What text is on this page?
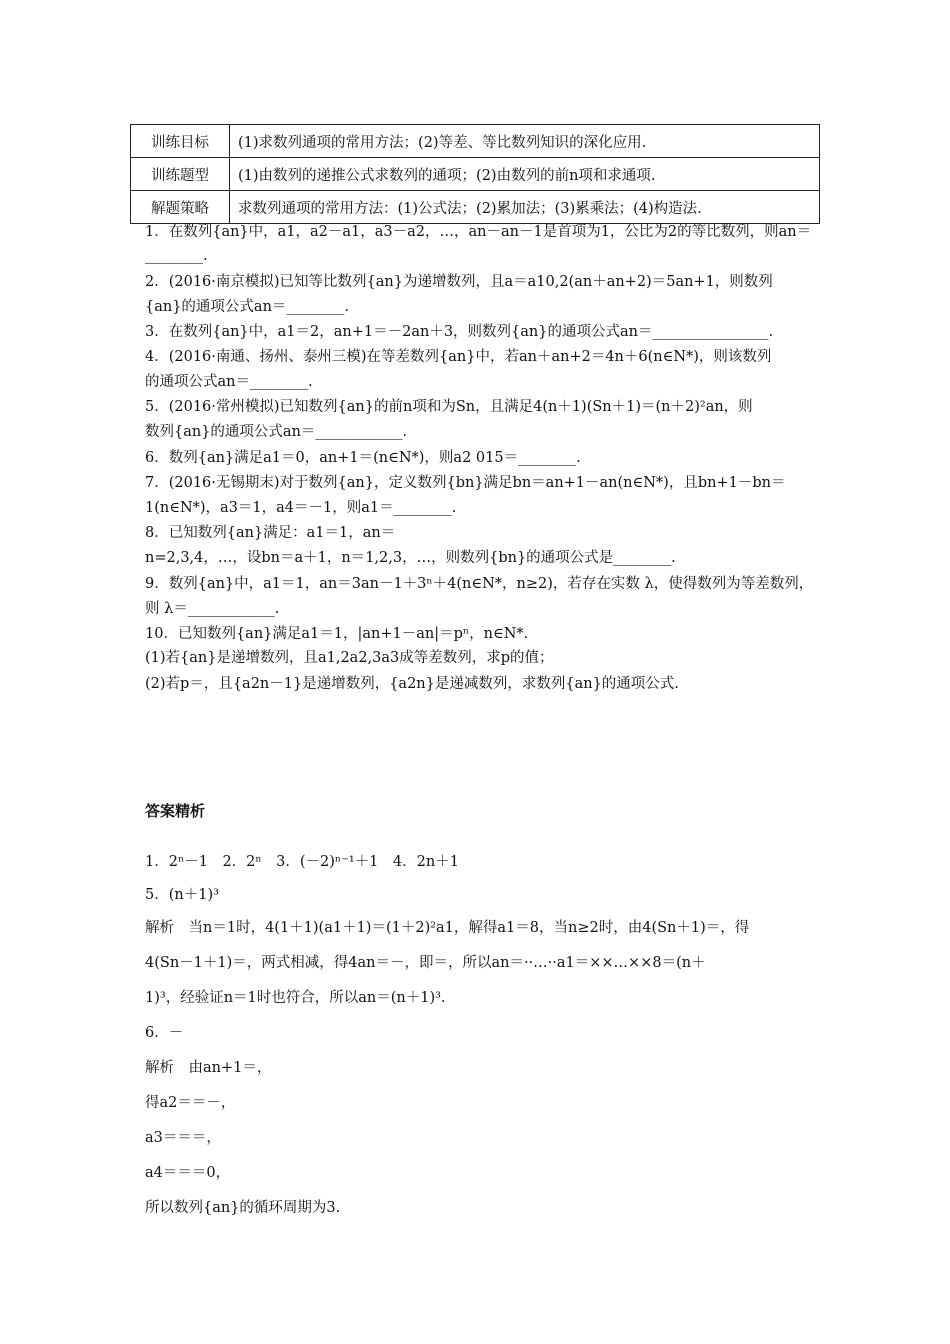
训练目标	(1)求数列通项的常用方法；(2)等差、等比数列知识的深化应用.
训练题型	(1)由数列的递推公式求数列的通项；(2)由数列的前n项和求通项.
解题策略	求数列通项的常用方法：(1)公式法；(2)累加法；(3)累乘法；(4)构造法.
1．在数列{an}中，a1，a2－a1，a3－a2，…，an－an－1是首项为1，公比为2的等比数列，则an＝
________.
2．(2016·南京模拟)已知等比数列{an}为递增数列，且a＝a10,2(an＋an+2)＝5an+1，则数列
{an}的通项公式an＝________.
3．在数列{an}中，a1＝2，an+1＝－2an＋3，则数列{an}的通项公式an＝________________.
4．(2016·南通、扬州、泰州三模)在等差数列{an}中，若an＋an+2＝4n＋6(n∈N*)，则该数列
的通项公式an＝________.
5．(2016·常州模拟)已知数列{an}的前n项和为Sn，且满足4(n＋1)(Sn＋1)＝(n＋2)²an，则
数列{an}的通项公式an＝____________.
6．数列{an}满足a1＝0，an+1＝(n∈N*)，则a2 015＝________.
7．(2016·无锡期末)对于数列{an}，定义数列{bn}满足bn＝an+1－an(n∈N*)，且bn+1－bn＝
1(n∈N*)，a3＝1，a4＝－1，则a1＝________.
8．已知数列{an}满足：a1＝1，an＝
n=2,3,4，…，设bn＝a＋1，n＝1,2,3，…，则数列{bn}的通项公式是________.
9．数列{an}中，a1＝1，an＝3an－1＋3ⁿ＋4(n∈N*，n≥2)，若存在实数 λ，使得数列为等差数列，
则 λ＝____________.
10．已知数列{an}满足a1＝1，|an+1－an|＝pⁿ，n∈N*.
(1)若{an}是递增数列，且a1,2a2,3a3成等差数列，求p的值；
(2)若p＝，且{a2n－1}是递增数列，{a2n}是递减数列，求数列{an}的通项公式.
答案精析
1．2ⁿ－1　2．2ⁿ　3．(－2)ⁿ⁻¹＋1　4．2n＋1
5．(n＋1)³
解析　当n＝1时，4(1＋1)(a1＋1)＝(1＋2)²a1，解得a1＝8，当n≥2时，由4(Sn＋1)＝，得
4(Sn－1＋1)＝，两式相减，得4an＝－，即＝，所以an＝··…··a1＝××…××8＝(n＋
1)³，经验证n＝1时也符合，所以an＝(n＋1)³.
6．－
解析　由an+1＝，
得a2＝＝－，
a3＝＝＝，
a4＝＝＝0，
所以数列{an}的循环周期为3.
